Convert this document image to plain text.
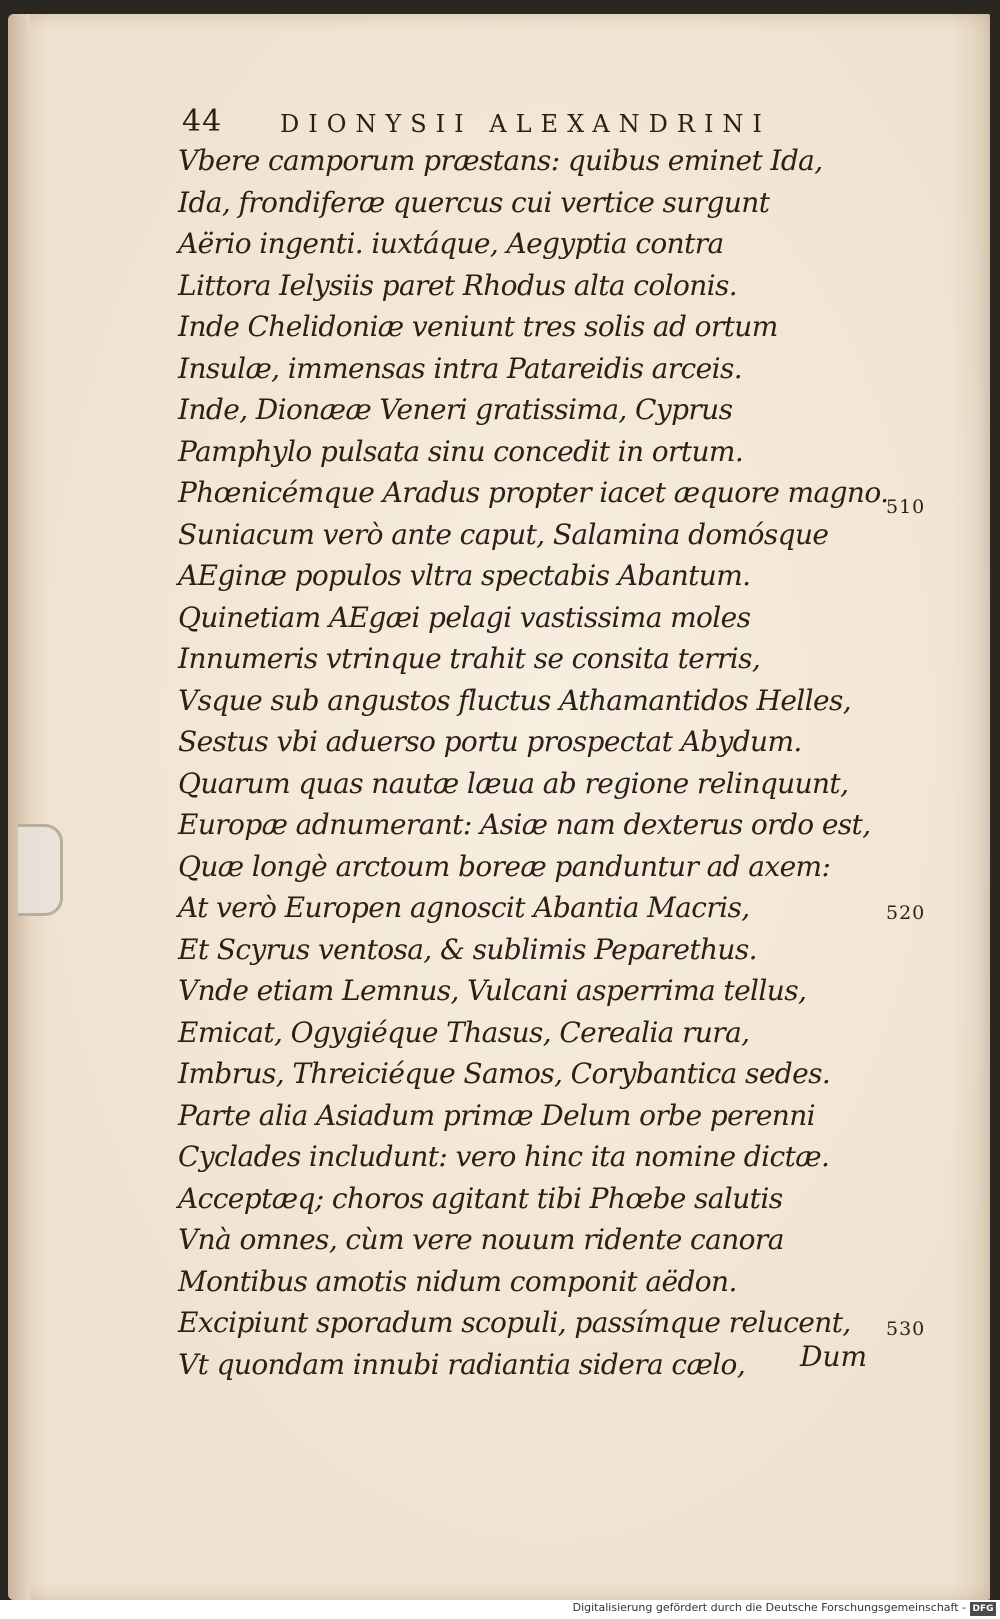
44 DIONYSII ALEXANDRINI
Vbere camporum præstans: quibus eminet Ida,
Ida, frondiferæ quercus cui vertice surgunt
Aërio ingenti. iuxtáque, Aegyptia contra
Littora Ielysiis paret Rhodus alta colonis.
Inde Chelidoniæ veniunt tres solis ad ortum
Insulæ, immensas intra Patareidis arceis.
Inde, Dionææ Veneri gratissima, Cyprus
Pamphylo pulsata sinu concedit in ortum.
Phœnicémque Aradus propter iacet æquore magno.
Suniacum verò ante caput, Salamina domósque
AEginæ populos vltra spectabis Abantum.
Quinetiam AEgæi pelagi vastissima moles
Innumeris vtrinque trahit se consita terris,
Vsque sub angustos fluctus Athamantidos Helles,
Sestus vbi aduerso portu prospectat Abydum.
Quarum quas nautæ læua ab regione relinquunt,
Europæ adnumerant: Asiæ nam dexterus ordo est,
Quæ longè arctoum boreæ panduntur ad axem:
At verò Europen agnoscit Abantia Macris,
Et Scyrus ventosa, & sublimis Peparethus.
Vnde etiam Lemnus, Vulcani asperrima tellus,
Emicat, Ogygiéque Thasus, Cerealia rura,
Imbrus, Threiciéque Samos, Corybantica sedes.
Parte alia Asiadum primæ Delum orbe perenni
Cyclades includunt: vero hinc ita nomine dictæ.
Acceptæq; choros agitant tibi Phœbe salutis
Vnà omnes, cùm vere nouum ridente canora
Montibus amotis nidum componit aëdon.
Excipiunt sporadum scopuli, passímque relucent,
Vt quondam innubi radiantia sidera cælo,
510
520
530
Dum
Digitalisierung gefördert durch die Deutsche Forschungsgemeinschaft - DFG
